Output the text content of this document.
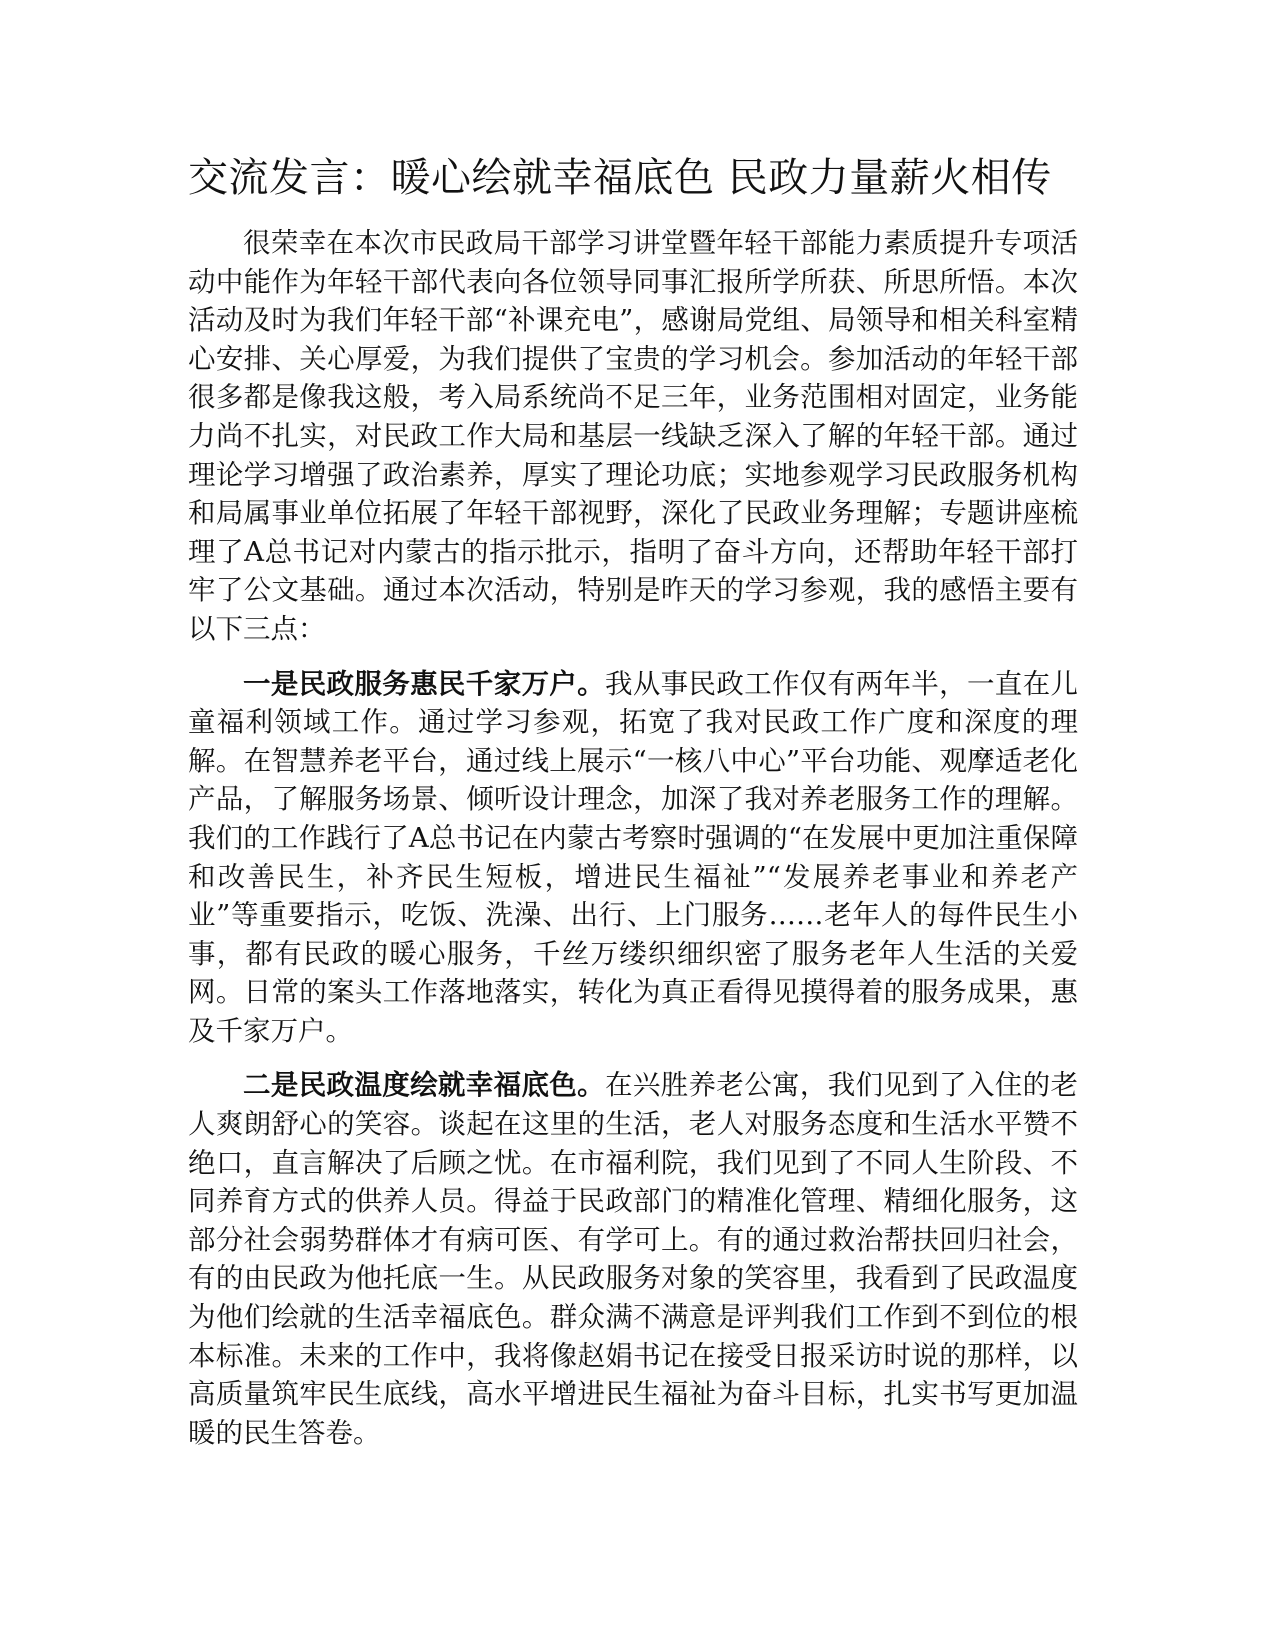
交流发言：暖心绘就幸福底色 民政力量薪火相传

很荣幸在本次市民政局干部学习讲堂暨年轻干部能力素质提升专项活动中能作为年轻干部代表向各位领导同事汇报所学所获、所思所悟。本次活动及时为我们年轻干部“补课充电”，感谢局党组、局领导和相关科室精心安排、关心厚爱，为我们提供了宝贵的学习机会。参加活动的年轻干部很多都是像我这般，考入局系统尚不足三年，业务范围相对固定，业务能力尚不扎实，对民政工作大局和基层一线缺乏深入了解的年轻干部。通过理论学习增强了政治素养，厚实了理论功底；实地参观学习民政服务机构和局属事业单位拓展了年轻干部视野，深化了民政业务理解；专题讲座梳理了A总书记对内蒙古的指示批示，指明了奋斗方向，还帮助年轻干部打牢了公文基础。通过本次活动，特别是昨天的学习参观，我的感悟主要有以下三点：

一是民政服务惠民千家万户。我从事民政工作仅有两年半，一直在儿童福利领域工作。通过学习参观，拓宽了我对民政工作广度和深度的理解。在智慧养老平台，通过线上展示“一核八中心”平台功能、观摩适老化产品，了解服务场景、倾听设计理念，加深了我对养老服务工作的理解。我们的工作践行了A总书记在内蒙古考察时强调的“在发展中更加注重保障和改善民生，补齐民生短板，增进民生福祉”“发展养老事业和养老产业”等重要指示，吃饭、洗澡、出行、上门服务……老年人的每件民生小事，都有民政的暖心服务，千丝万缕织细织密了服务老年人生活的关爱网。日常的案头工作落地落实，转化为真正看得见摸得着的服务成果，惠及千家万户。

二是民政温度绘就幸福底色。在兴胜养老公寓，我们见到了入住的老人爽朗舒心的笑容。谈起在这里的生活，老人对服务态度和生活水平赞不绝口，直言解决了后顾之忧。在市福利院，我们见到了不同人生阶段、不同养育方式的供养人员。得益于民政部门的精准化管理、精细化服务，这部分社会弱势群体才有病可医、有学可上。有的通过救治帮扶回归社会，有的由民政为他托底一生。从民政服务对象的笑容里，我看到了民政温度为他们绘就的生活幸福底色。群众满不满意是评判我们工作到不到位的根本标准。未来的工作中，我将像赵娟书记在接受日报采访时说的那样，以高质量筑牢民生底线，高水平增进民生福祉为奋斗目标，扎实书写更加温暖的民生答卷。
